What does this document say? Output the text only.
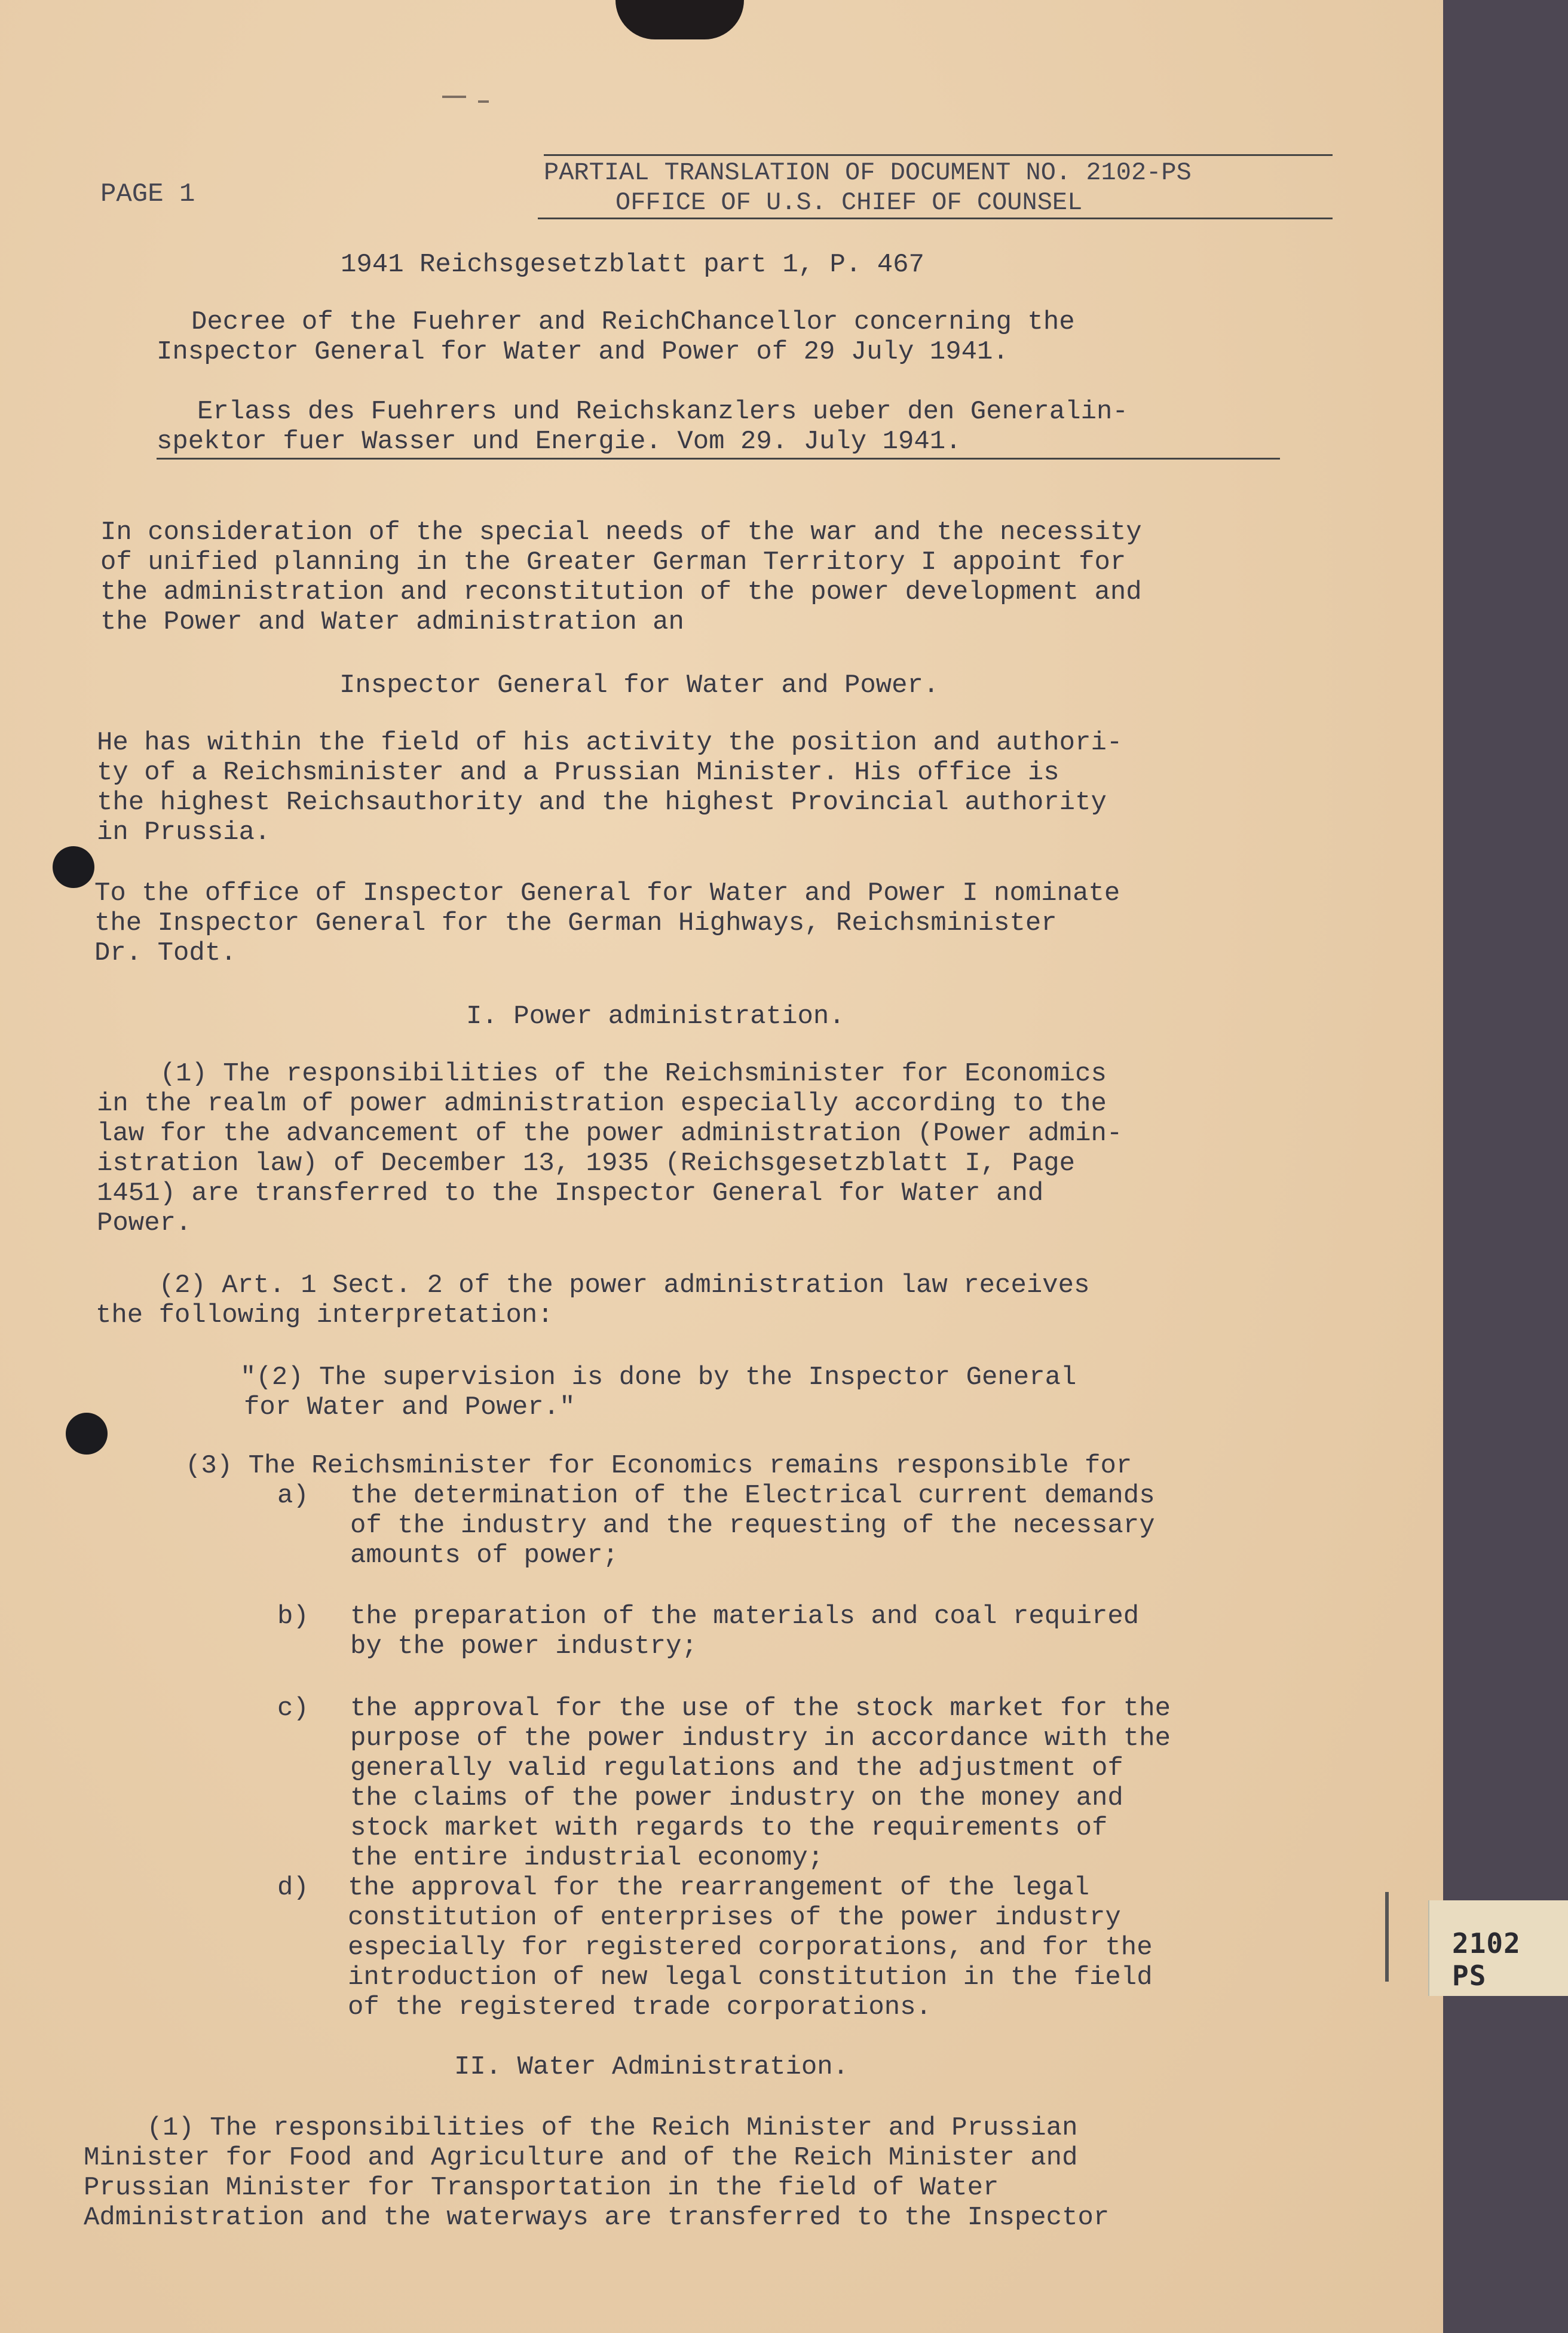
2102 PS

PAGE 1

PARTIAL TRANSLATION OF DOCUMENT NO. 2102-PS

OFFICE OF U.S. CHIEF OF COUNSEL

1941 Reichsgesetzblatt part 1, P. 467

Decree of the Fuehrer and ReichChancellor concerning the

Inspector General for Water and Power of 29 July 1941.

Erlass des Fuehrers und Reichskanzlers ueber den Generalin-

spektor fuer Wasser und Energie. Vom 29. July 1941.

In consideration of the special needs of the war and the necessity

of unified planning in the Greater German Territory I appoint for

the administration and reconstitution of the power development and

the Power and Water administration an

Inspector General for Water and Power.

He has within the field of his activity the position and authori-

ty of a Reichsminister and a Prussian Minister. His office is

the highest Reichsauthority and the highest Provincial authority

in Prussia.

To the office of Inspector General for Water and Power I nominate

the Inspector General for the German Highways, Reichsminister

Dr. Todt.

I. Power administration.

(1) The responsibilities of the Reichsminister for Economics

in the realm of power administration especially according to the

law for the advancement of the power administration (Power admin-

istration law) of December 13, 1935 (Reichsgesetzblatt I, Page

1451) are transferred to the Inspector General for Water and

Power.

(2) Art. 1 Sect. 2 of the power administration law receives

the following interpretation:

"(2) The supervision is done by the Inspector General

for Water and Power."

(3) The Reichsminister for Economics remains responsible for

a) the determination of the Electrical current demands

of the industry and the requesting of the necessary

amounts of power;

b) the preparation of the materials and coal required

by the power industry;

c) the approval for the use of the stock market for the

purpose of the power industry in accordance with the

generally valid regulations and the adjustment of

the claims of the power industry on the money and

stock market with regards to the requirements of

the entire industrial economy;

d) the approval for the rearrangement of the legal

constitution of enterprises of the power industry

especially for registered corporations, and for the

introduction of new legal constitution in the field

of the registered trade corporations.

II. Water Administration.

(1) The responsibilities of the Reich Minister and Prussian

Minister for Food and Agriculture and of the Reich Minister and

Prussian Minister for Transportation in the field of Water

Administration and the waterways are transferred to the Inspector
